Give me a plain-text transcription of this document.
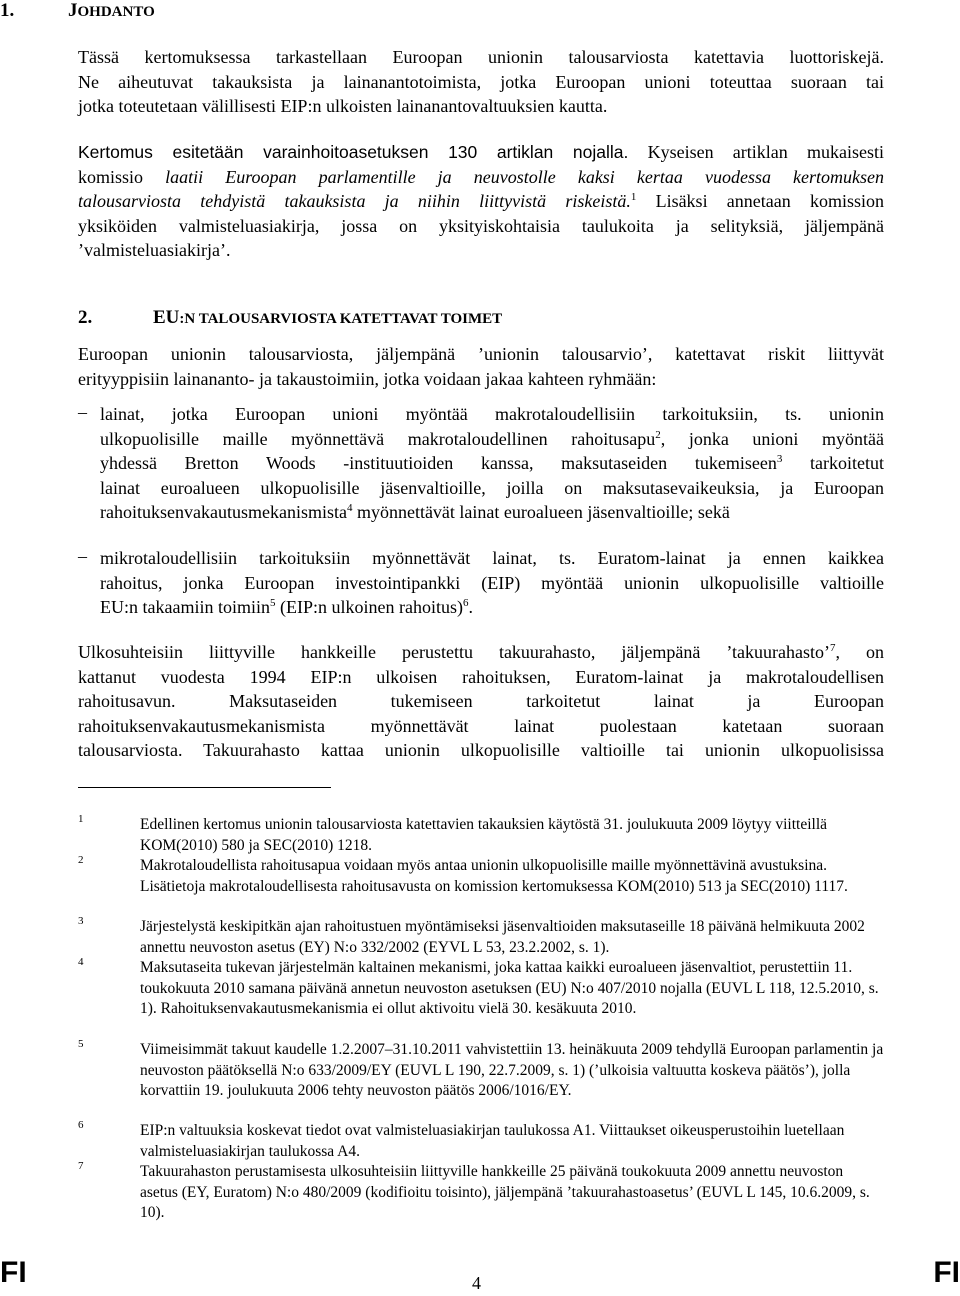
1.	JOHDANTO
Tässä kertomuksessa tarkastellaan Euroopan unionin talousarviosta katettavia luottoriskejä.
Ne aiheutuvat takauksista ja lainanantotoimista, jotka Euroopan unioni toteuttaa suoraan tai
jotka toteutetaan välillisesti EIP:n ulkoisten lainanantovaltuuksien kautta.
Kertomus esitetään varainhoitoasetuksen 130 artiklan nojalla. Kyseisen artiklan mukaisesti
komissio laatii Euroopan parlamentille ja neuvostolle kaksi kertaa vuodessa kertomuksen
talousarviosta tehdyistä takauksista ja niihin liittyvistä riskeistä.$^1$ Lisäksi annetaan komission
yksiköiden valmisteluasiakirja, jossa on yksityiskohtaisia taulukoita ja selityksiä, jäljempänä
’valmisteluasiakirja’.
2.	EU:N TALOUSARVIOSTA KATETTAVAT TOIMET
Euroopan unionin talousarviosta, jäljempänä ’unionin talousarvio’, katettavat riskit liittyvät
erityyppisiin lainananto- ja takaustoimiin, jotka voidaan jakaa kahteen ryhmään:
– lainat, jotka Euroopan unioni myöntää makrotaloudellisiin tarkoituksiin, ts. unionin
ulkopuolisille maille myönnettävä makrotaloudellinen rahoitusapu$^2$, jonka unioni myöntää
yhdessä Bretton Woods -instituutioiden kanssa, maksutaseiden tukemiseen$^3$ tarkoitetut
lainat euroalueen ulkopuolisille jäsenvaltioille, joilla on maksutasevaikeuksia, ja Euroopan
rahoituksenvakautusmekanismista$^4$ myönnettävät lainat euroalueen jäsenvaltioille; sekä
– mikrotaloudellisiin tarkoituksiin myönnettävät lainat, ts. Euratom-lainat ja ennen kaikkea
rahoitus, jonka Euroopan investointipankki (EIP) myöntää unionin ulkopuolisille valtioille
EU:n takaamiin toimiin$^5$ (EIP:n ulkoinen rahoitus)$^6$.
Ulkosuhteisiin liittyville hankkeille perustettu takuurahasto, jäljempänä ’takuurahasto’$^7$, on
kattanut vuodesta 1994 EIP:n ulkoisen rahoituksen, Euratom-lainat ja makrotaloudellisen
rahoitusavun. Maksutaseiden tukemiseen tarkoitetut lainat ja Euroopan
rahoituksenvakautusmekanismista myönnettävät lainat puolestaan katetaan suoraan
talousarviosta. Takuurahasto kattaa unionin ulkopuolisille valtioille tai unionin ulkopuolisissa
1	Edellinen kertomus unionin talousarviosta katettavien takauksien käytöstä 31. joulukuuta 2009 löytyy viitteillä KOM(2010) 580 ja SEC(2010) 1218.
2	Makrotaloudellista rahoitusapua voidaan myös antaa unionin ulkopuolisille maille myönnettävinä avustuksina. Lisätietoja makrotaloudellisesta rahoitusavusta on komission kertomuksessa KOM(2010) 513 ja SEC(2010) 1117.
3	Järjestelystä keskipitkän ajan rahoitustuen myöntämiseksi jäsenvaltioiden maksutaseille 18 päivänä helmikuuta 2002 annettu neuvoston asetus (EY) N:o 332/2002 (EYVL L 53, 23.2.2002, s. 1).
4	Maksutaseita tukevan järjestelmän kaltainen mekanismi, joka kattaa kaikki euroalueen jäsenvaltiot, perustettiin 11. toukokuuta 2010 samana päivänä annetun neuvoston asetuksen (EU) N:o 407/2010 nojalla (EUVL L 118, 12.5.2010, s. 1). Rahoituksenvakautusmekanismia ei ollut aktivoitu vielä 30. kesäkuuta 2010.
5	Viimeisimmät takuut kaudelle 1.2.2007–31.10.2011 vahvistettiin 13. heinäkuuta 2009 tehdyllä Euroopan parlamentin ja neuvoston päätöksellä N:o 633/2009/EY (EUVL L 190, 22.7.2009, s. 1) (’ulkoisia valtuutta koskeva päätös’), jolla korvattiin 19. joulukuuta 2006 tehty neuvoston päätös 2006/1016/EY.
6	EIP:n valtuuksia koskevat tiedot ovat valmisteluasiakirjan taulukossa A1. Viittaukset oikeusperustoihin luetellaan valmisteluasiakirjan taulukossa A4.
7	Takuurahaston perustamisesta ulkosuhteisiin liittyville hankkeille 25 päivänä toukokuuta 2009 annettu neuvoston asetus (EY, Euratom) N:o 480/2009 (kodifioitu toisinto), jäljempänä ’takuurahastoasetus’ (EUVL L 145, 10.6.2009, s. 10).
FI	4	FI
